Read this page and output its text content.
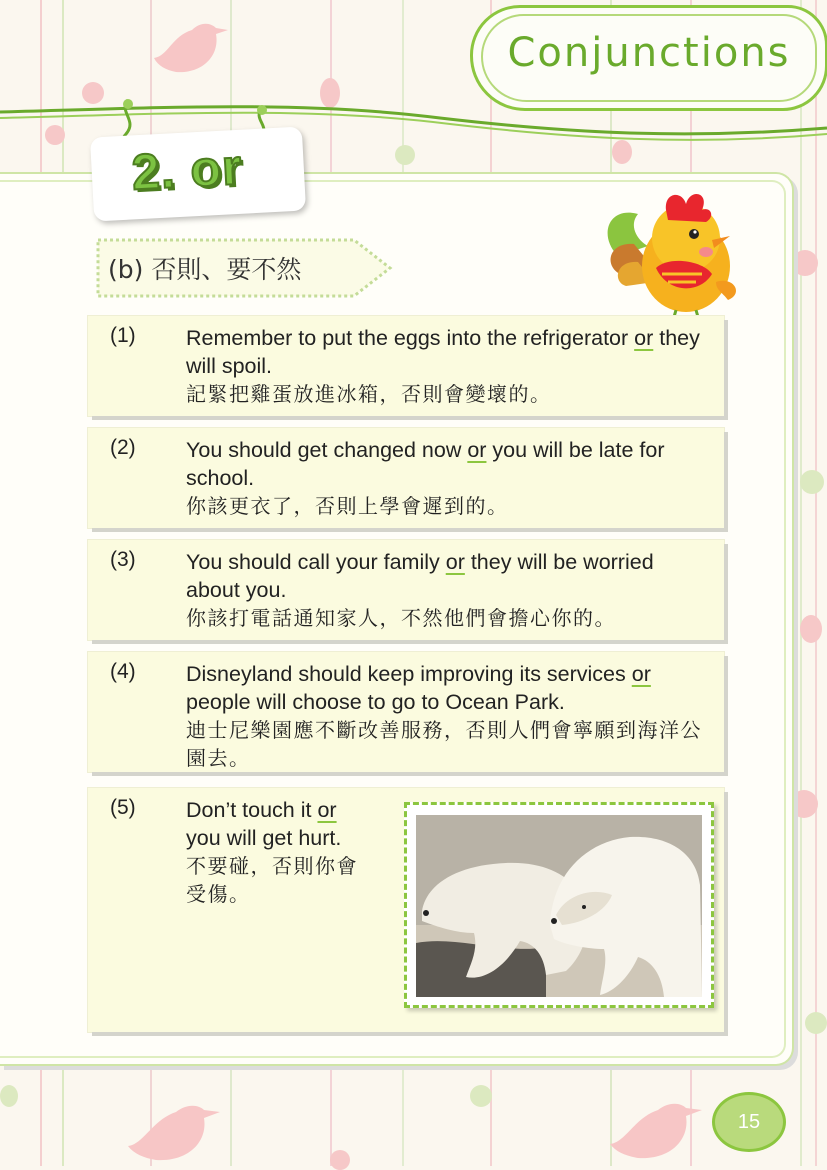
Conjunctions
2. or
(b) 否則、要不然
(1) Remember to put the eggs into the refrigerator or they will spoil.
記緊把雞蛋放進冰箱，否則會變壞的。
(2) You should get changed now or you will be late for school.
你該更衣了，否則上學會遲到的。
(3) You should call your family or they will be worried about you.
你該打電話通知家人，不然他們會擔心你的。
(4) Disneyland should keep improving its services or people will choose to go to Ocean Park.
迪士尼樂園應不斷改善服務，否則人們會寧願到海洋公園去。
(5) Don’t touch it or you will get hurt.
不要碰，否則你會受傷。
15
